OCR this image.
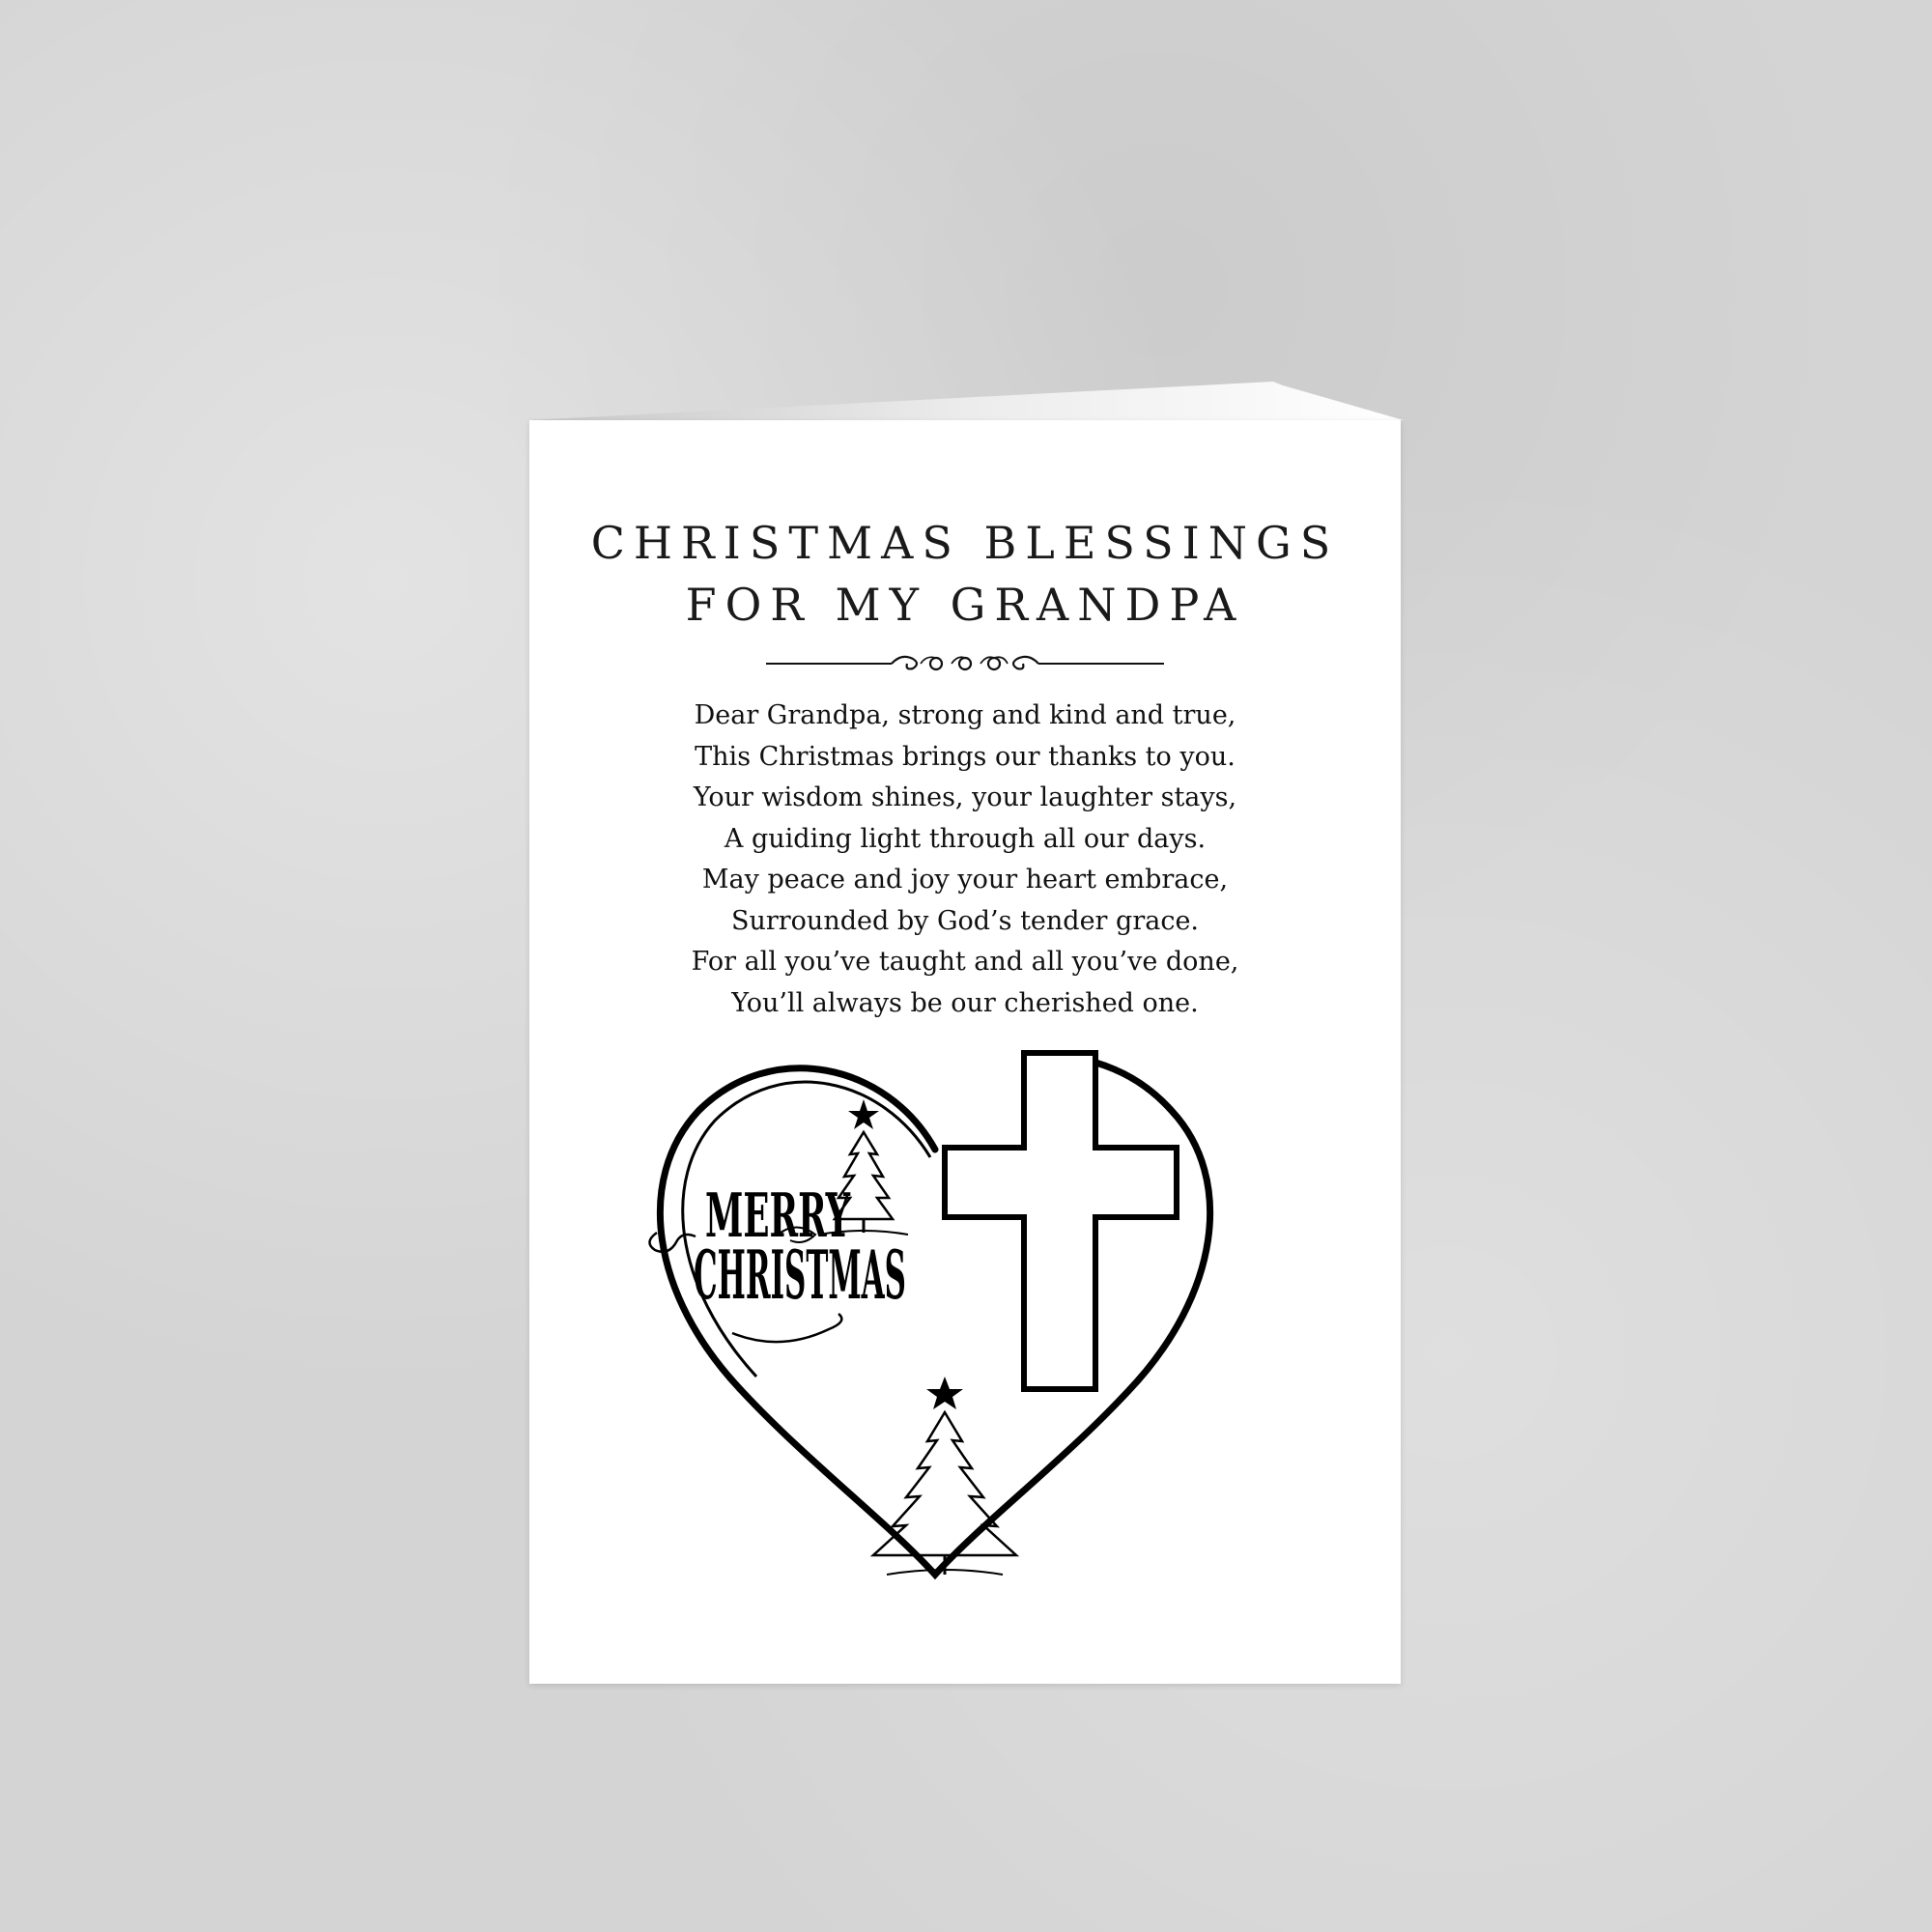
CHRISTMAS BLESSINGS
FOR MY GRANDPA

Dear Grandpa, strong and kind and true,
This Christmas brings our thanks to you.
Your wisdom shines, your laughter stays,
A guiding light through all our days.
May peace and joy your heart embrace,
Surrounded by God’s tender grace.
For all you’ve taught and all you’ve done,
You’ll always be our cherished one.

MERRY
CHRISTMAS
